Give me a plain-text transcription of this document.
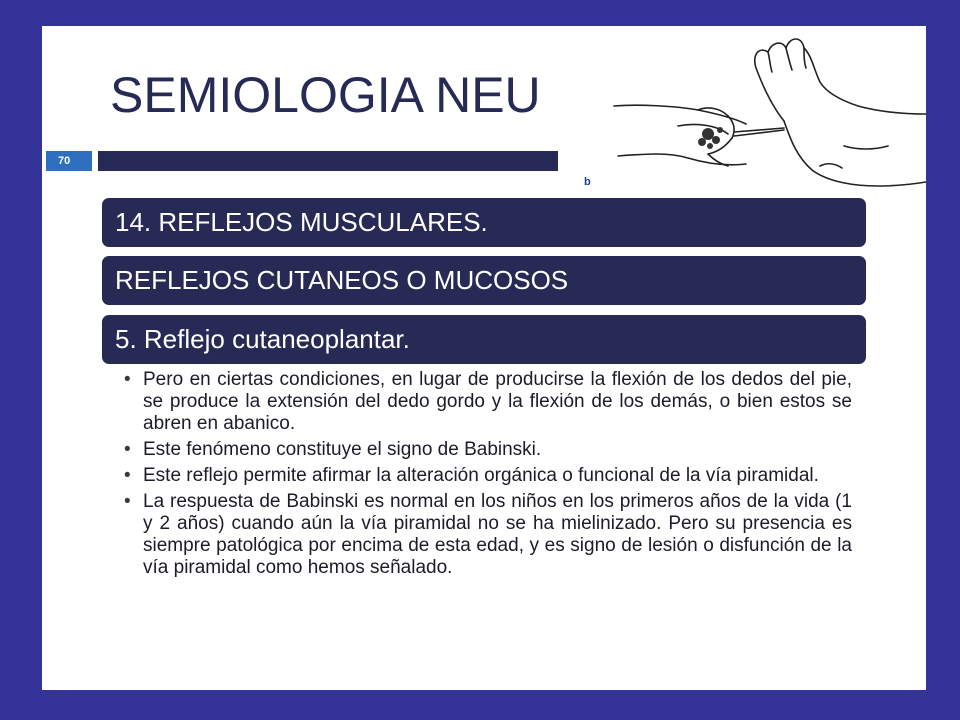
SEMIOLOGIA NEU
70
b
14. REFLEJOS MUSCULARES.
REFLEJOS CUTANEOS O MUCOSOS
5. Reflejo cutaneoplantar.
• Pero en ciertas condiciones, en lugar de producirse la flexión de los dedos del pie, se produce la extensión del dedo gordo y la flexión de los demás, o bien estos se abren en abanico.
• Este fenómeno constituye el signo de Babinski.
• Este reflejo permite afirmar la alteración orgánica o funcional de la vía piramidal.
• La respuesta de Babinski es normal en los niños en los primeros años de la vida (1 y 2 años) cuando aún la vía piramidal no se ha mielinizado. Pero su presencia es siempre patológica por encima de esta edad, y es signo de lesión o disfunción de la vía piramidal como hemos señalado.
